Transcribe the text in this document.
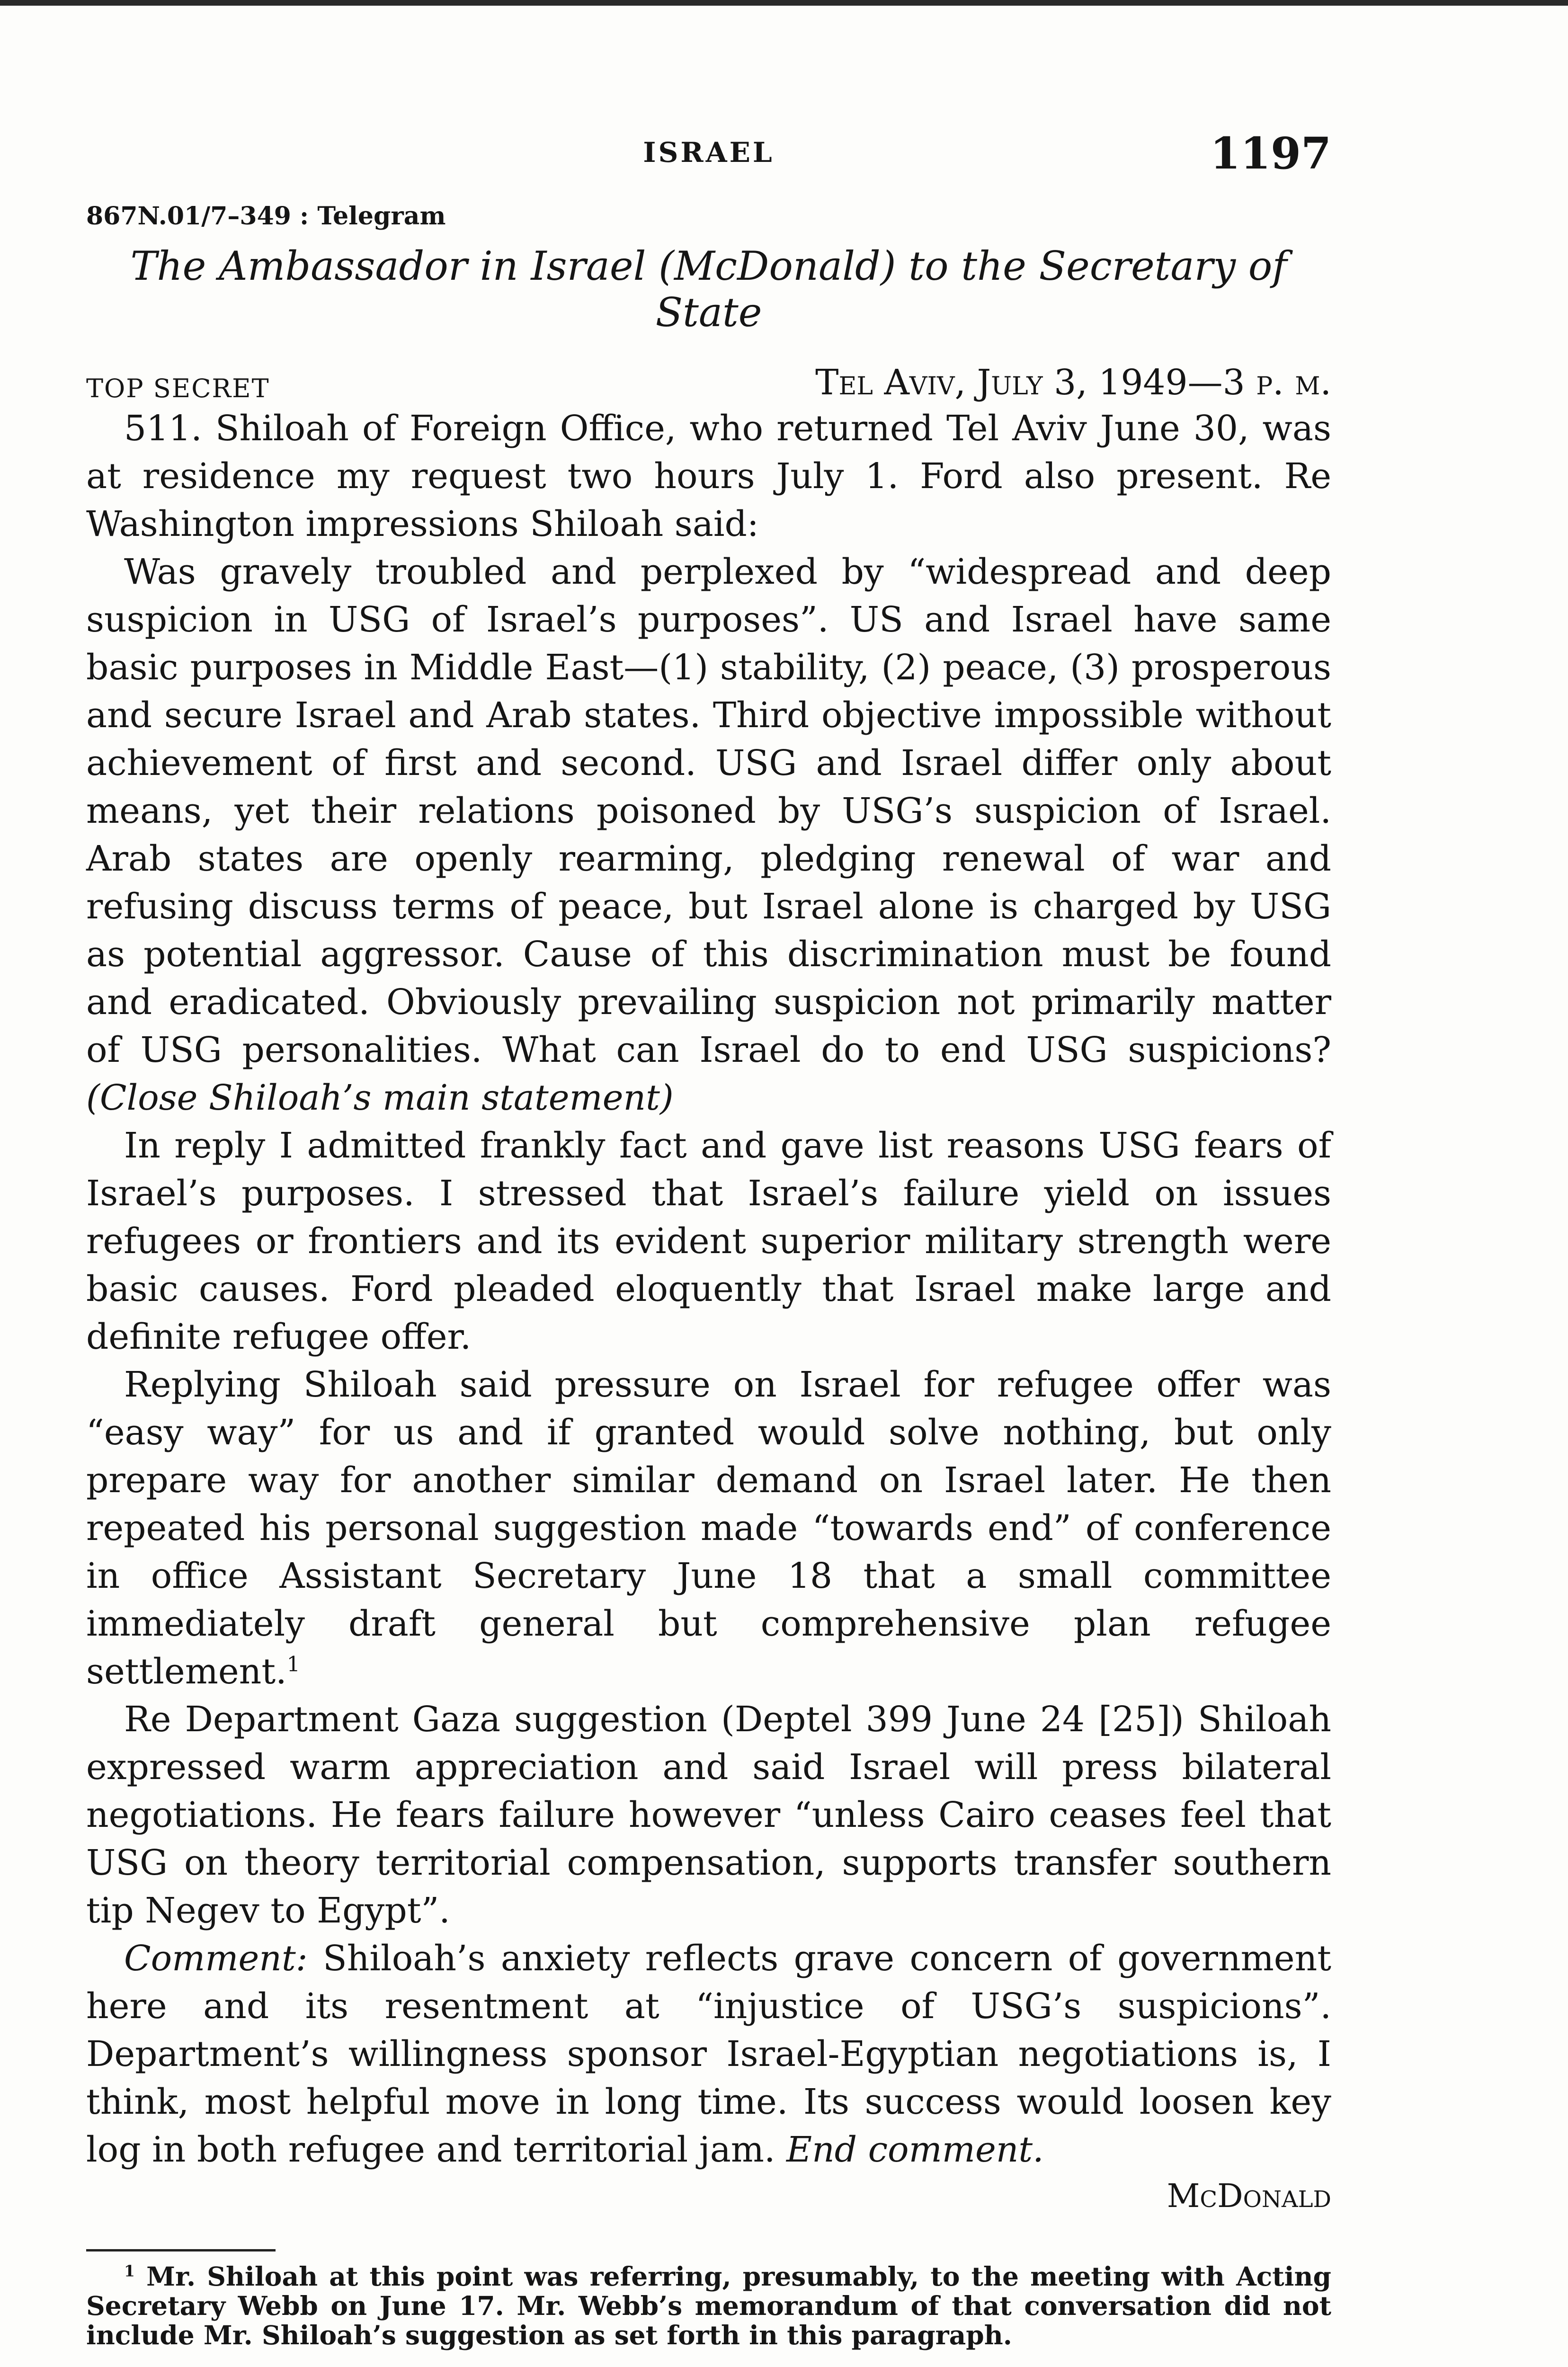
ISRAEL	1197
867N.01/7–349 : Telegram
The Ambassador in Israel (McDonald) to the Secretary of State
TOP SECRET	Tel Aviv, July 3, 1949—3 p. m.

511. Shiloah of Foreign Office, who returned Tel Aviv June 30, was at residence my request two hours July 1. Ford also present. Re Washington impressions Shiloah said:

Was gravely troubled and perplexed by “widespread and deep suspicion in USG of Israel’s purposes”. US and Israel have same basic purposes in Middle East—(1) stability, (2) peace, (3) prosperous and secure Israel and Arab states. Third objective impossible without achievement of first and second. USG and Israel differ only about means, yet their relations poisoned by USG’s suspicion of Israel. Arab states are openly rearming, pledging renewal of war and refusing discuss terms of peace, but Israel alone is charged by USG as potential aggressor. Cause of this discrimination must be found and eradicated. Obviously prevailing suspicion not primarily matter of USG personalities. What can Israel do to end USG suspicions? (Close Shiloah’s main statement)

In reply I admitted frankly fact and gave list reasons USG fears of Israel’s purposes. I stressed that Israel’s failure yield on issues refugees or frontiers and its evident superior military strength were basic causes. Ford pleaded eloquently that Israel make large and definite refugee offer.

Replying Shiloah said pressure on Israel for refugee offer was “easy way” for us and if granted would solve nothing, but only prepare way for another similar demand on Israel later. He then repeated his personal suggestion made “towards end” of conference in office Assistant Secretary June 18 that a small committee immediately draft general but comprehensive plan refugee settlement.$^1$

Re Department Gaza suggestion (Deptel 399 June 24 [25]) Shiloah expressed warm appreciation and said Israel will press bilateral negotiations. He fears failure however “unless Cairo ceases feel that USG on theory territorial compensation, supports transfer southern tip Negev to Egypt”.

Comment: Shiloah’s anxiety reflects grave concern of government here and its resentment at “injustice of USG’s suspicions”. Department’s willingness sponsor Israel-Egyptian negotiations is, I think, most helpful move in long time. Its success would loosen key log in both refugee and territorial jam. End comment.

McDonald
$^1$ Mr. Shiloah at this point was referring, presumably, to the meeting with Acting Secretary Webb on June 17. Mr. Webb’s memorandum of that conversation did not include Mr. Shiloah’s suggestion as set forth in this paragraph.
